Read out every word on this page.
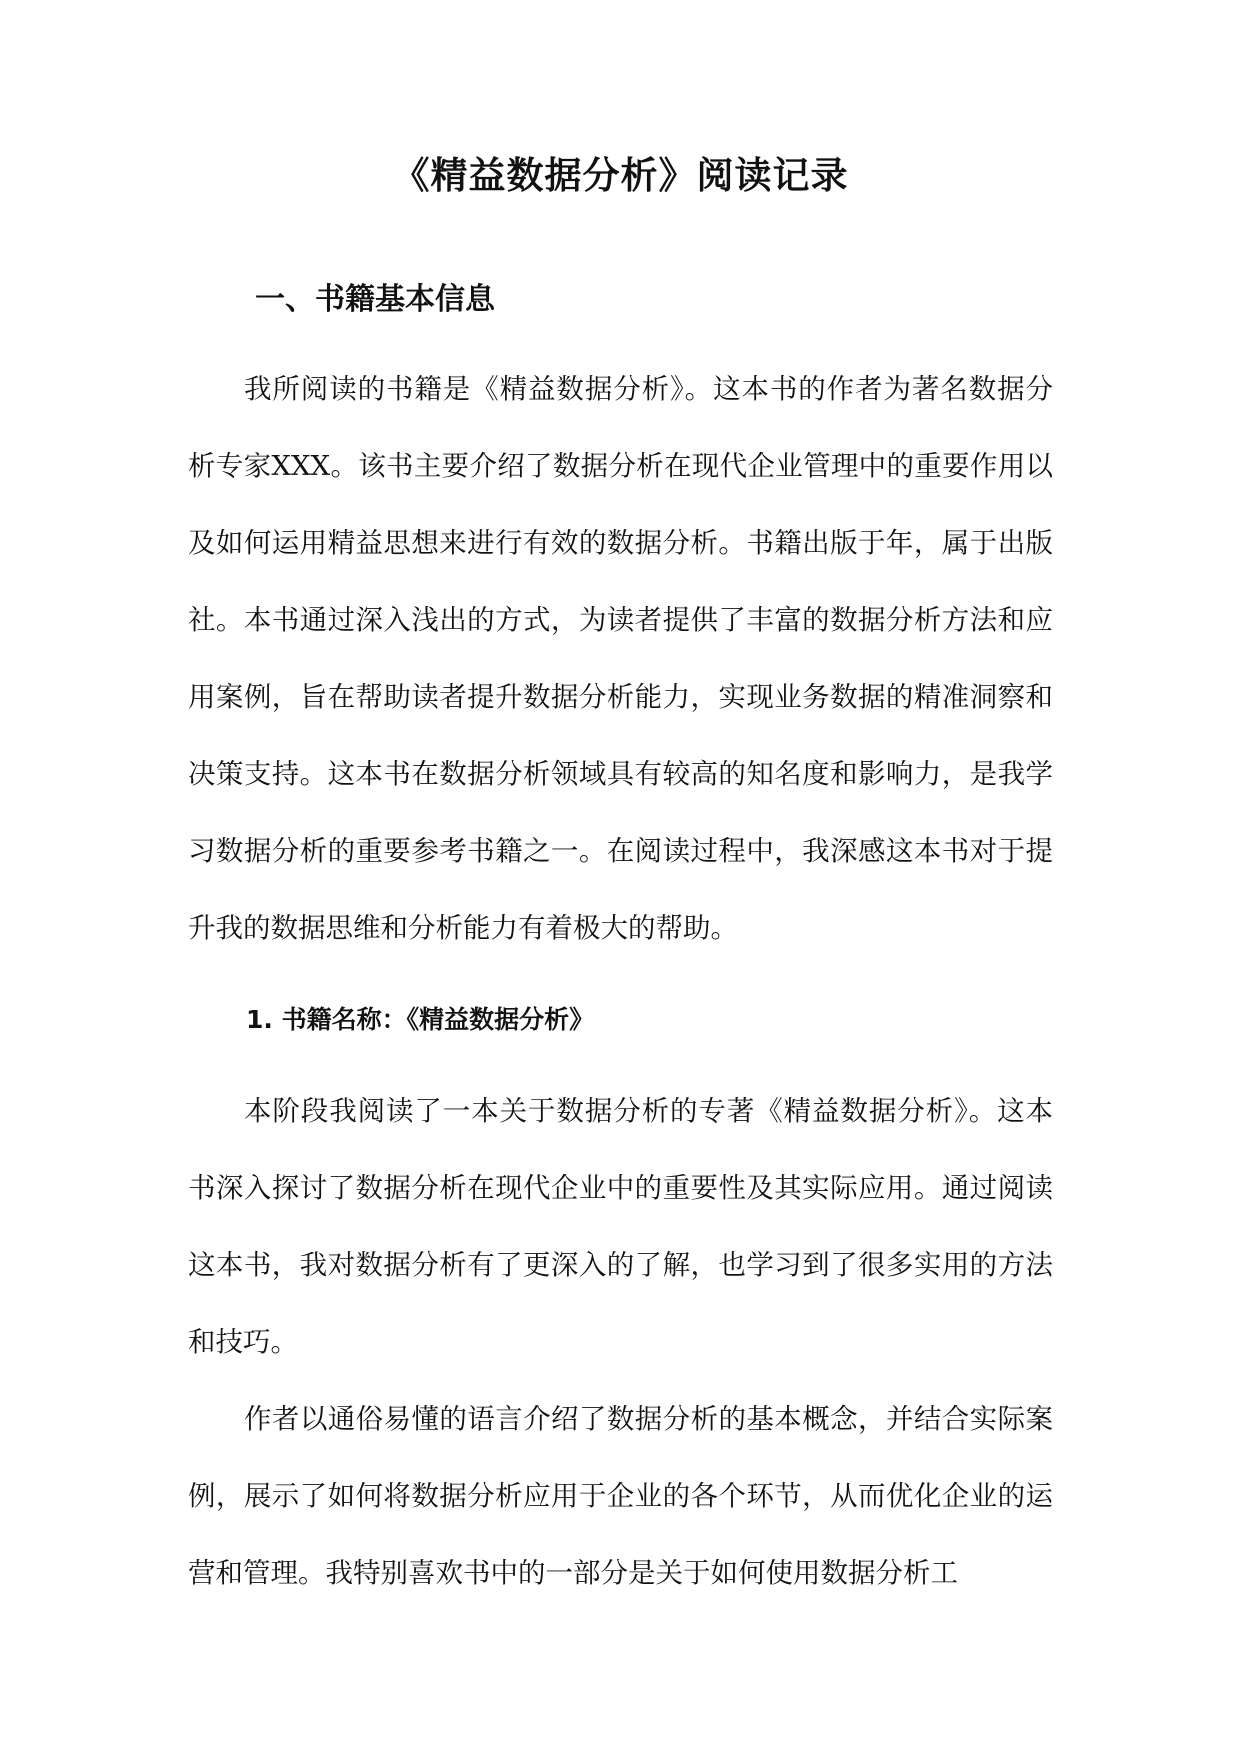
《精益数据分析》阅读记录
一、书籍基本信息

我所阅读的书籍是《精益数据分析》。这本书的作者为著名数据分析专家XXX。该书主要介绍了数据分析在现代企业管理中的重要作用以及如何运用精益思想来进行有效的数据分析。书籍出版于年，属于出版社。本书通过深入浅出的方式，为读者提供了丰富的数据分析方法和应用案例，旨在帮助读者提升数据分析能力，实现业务数据的精准洞察和决策支持。这本书在数据分析领域具有较高的知名度和影响力，是我学习数据分析的重要参考书籍之一。在阅读过程中，我深感这本书对于提升我的数据思维和分析能力有着极大的帮助。

1. 书籍名称：《精益数据分析》

本阶段我阅读了一本关于数据分析的专著《精益数据分析》。这本书深入探讨了数据分析在现代企业中的重要性及其实际应用。通过阅读这本书，我对数据分析有了更深入的了解，也学习到了很多实用的方法和技巧。

作者以通俗易懂的语言介绍了数据分析的基本概念，并结合实际案例，展示了如何将数据分析应用于企业的各个环节，从而优化企业的运营和管理。我特别喜欢书中的一部分是关于如何使用数据分析工
